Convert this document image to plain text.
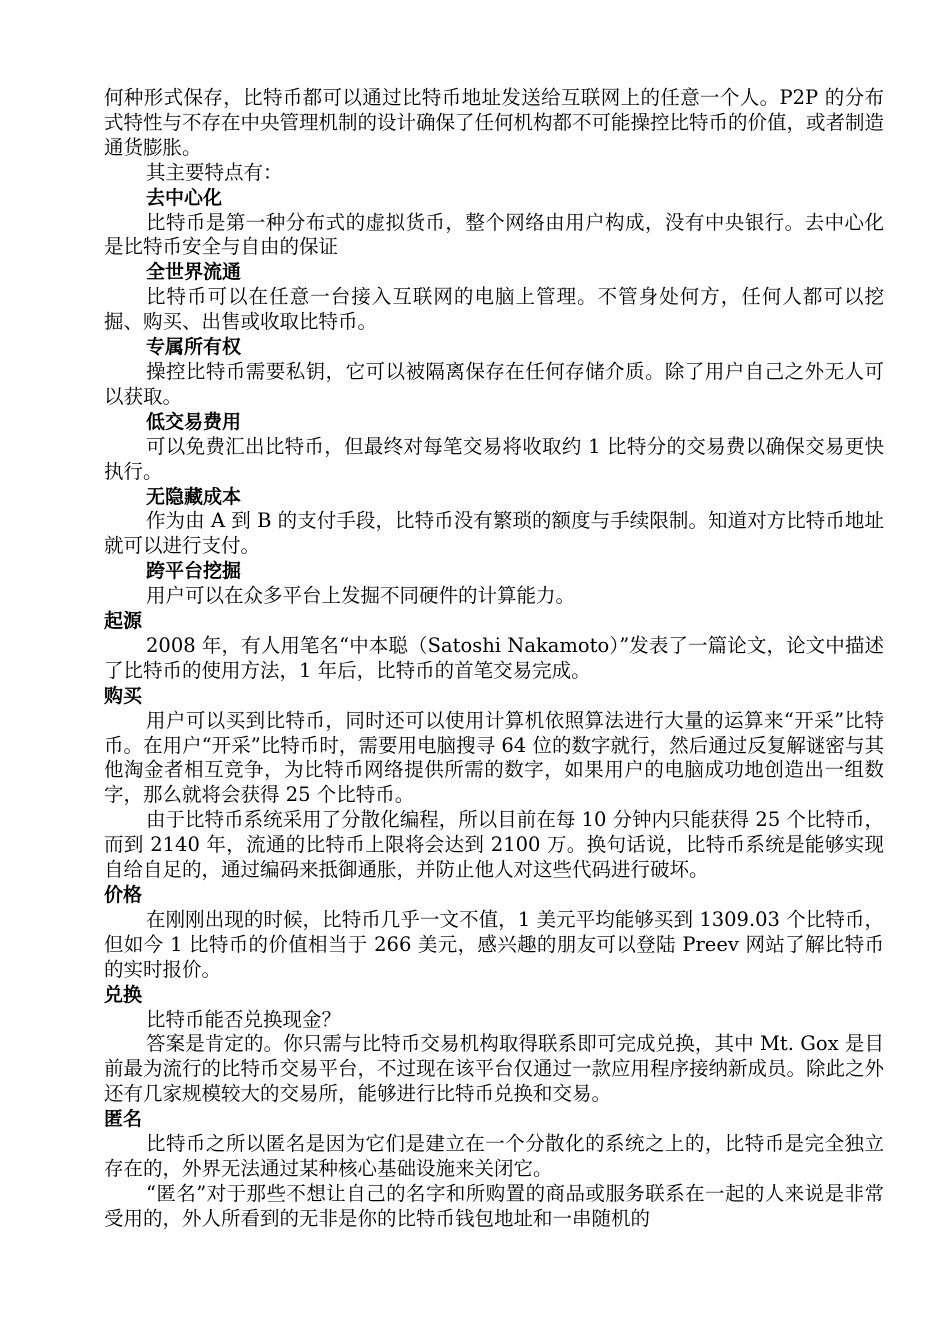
何种形式保存，比特币都可以通过比特币地址发送给互联网上的任意一个人。P2P 的分布式特性与不存在中央管理机制的设计确保了任何机构都不可能操控比特币的价值，或者制造通货膨胀。

其主要特点有：

去中心化

比特币是第一种分布式的虚拟货币，整个网络由用户构成，没有中央银行。去中心化是比特币安全与自由的保证

全世界流通

比特币可以在任意一台接入互联网的电脑上管理。不管身处何方，任何人都可以挖掘、购买、出售或收取比特币。

专属所有权

操控比特币需要私钥，它可以被隔离保存在任何存储介质。除了用户自己之外无人可以获取。

低交易费用

可以免费汇出比特币，但最终对每笔交易将收取约 1 比特分的交易费以确保交易更快执行。

无隐藏成本

作为由 A 到 B 的支付手段，比特币没有繁琐的额度与手续限制。知道对方比特币地址就可以进行支付。

跨平台挖掘

用户可以在众多平台上发掘不同硬件的计算能力。

起源

2008 年，有人用笔名“中本聪（Satoshi Nakamoto）”发表了一篇论文，论文中描述了比特币的使用方法，1 年后，比特币的首笔交易完成。

购买

用户可以买到比特币，同时还可以使用计算机依照算法进行大量的运算来“开采”比特币。在用户“开采”比特币时，需要用电脑搜寻 64 位的数字就行，然后通过反复解谜密与其他淘金者相互竞争，为比特币网络提供所需的数字，如果用户的电脑成功地创造出一组数字，那么就将会获得 25 个比特币。

由于比特币系统采用了分散化编程，所以目前在每 10 分钟内只能获得 25 个比特币，而到 2140 年，流通的比特币上限将会达到 2100 万。换句话说，比特币系统是能够实现自给自足的，通过编码来抵御通胀，并防止他人对这些代码进行破坏。

价格

在刚刚出现的时候，比特币几乎一文不值，1 美元平均能够买到 1309.03 个比特币，但如今 1 比特币的价值相当于 266 美元，感兴趣的朋友可以登陆 Preev 网站了解比特币的实时报价。

兑换

比特币能否兑换现金？

答案是肯定的。你只需与比特币交易机构取得联系即可完成兑换，其中 Mt. Gox 是目前最为流行的比特币交易平台，不过现在该平台仅通过一款应用程序接纳新成员。除此之外还有几家规模较大的交易所，能够进行比特币兑换和交易。

匿名

比特币之所以匿名是因为它们是建立在一个分散化的系统之上的，比特币是完全独立存在的，外界无法通过某种核心基础设施来关闭它。

“匿名”对于那些不想让自己的名字和所购置的商品或服务联系在一起的人来说是非常受用的，外人所看到的无非是你的比特币钱包地址和一串随机的
